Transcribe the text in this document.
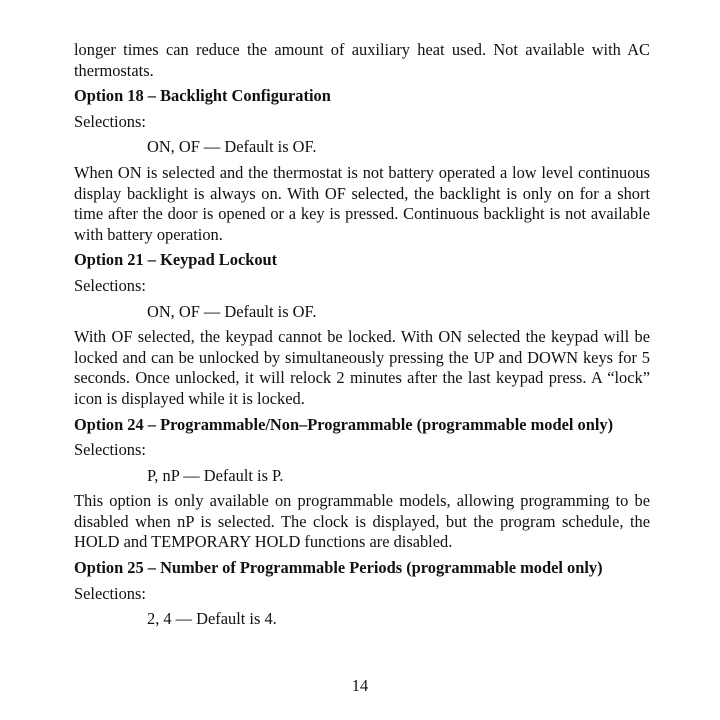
longer times can reduce the amount of auxiliary heat used. Not available with AC thermostats.

Option 18 – Backlight Configuration
Selections:
ON, OF — Default is OF.

When ON is selected and the thermostat is not battery operated a low level continuous display backlight is always on. With OF selected, the backlight is only on for a short time after the door is opened or a key is pressed. Continuous backlight is not available with battery operation.

Option 21 – Keypad Lockout
Selections:
ON, OF — Default is OF.

With OF selected, the keypad cannot be locked. With ON selected the keypad will be locked and can be unlocked by simultaneously pressing the UP and DOWN keys for 5 seconds. Once unlocked, it will relock 2 minutes after the last keypad press. A “lock” icon is displayed while it is locked.

Option 24 – Programmable/Non–Programmable (programmable model only)
Selections:
P, nP — Default is P.

This option is only available on programmable models, allowing programming to be disabled when nP is selected. The clock is displayed, but the program schedule, the HOLD and TEMPORARY HOLD functions are disabled.

Option 25 – Number of Programmable Periods (programmable model only)
Selections:
2, 4 — Default is 4.
14
